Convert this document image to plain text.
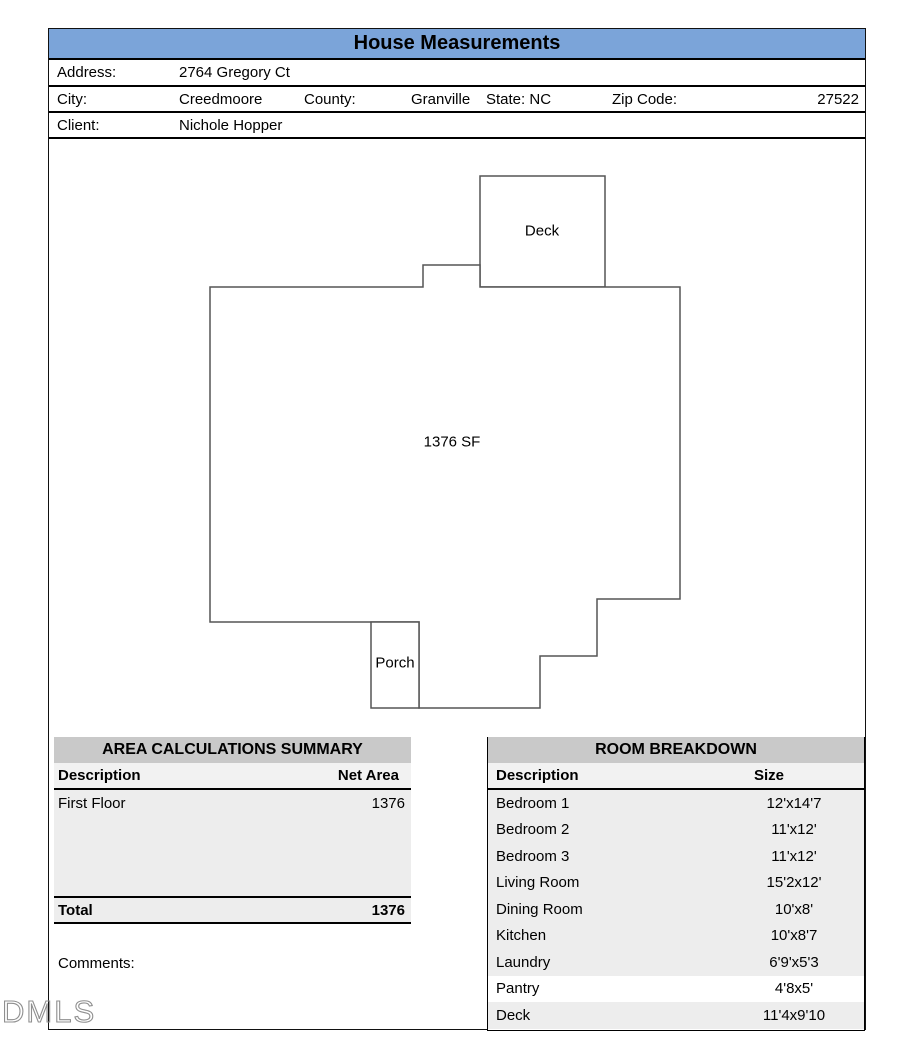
House Measurements
Address:	2764 Gregory Ct
City:	Creedmoore	County:	Granville State: NC	Zip Code:	27522
Client:	Nichole Hopper
Deck
1376 SF
Porch
AREA CALCULATIONS SUMMARY
Description	Net Area
First Floor	1376
Total	1376
Comments:
ROOM BREAKDOWN
Description	Size
Bedroom 1	12'x14'7
Bedroom 2	11'x12'
Bedroom 3	11'x12'
Living Room	15'2x12'
Dining Room	10'x8'
Kitchen	10'x8'7
Laundry	6'9'x5'3
Pantry	4'8x5'
Deck	11'4x9'10
DMLS
